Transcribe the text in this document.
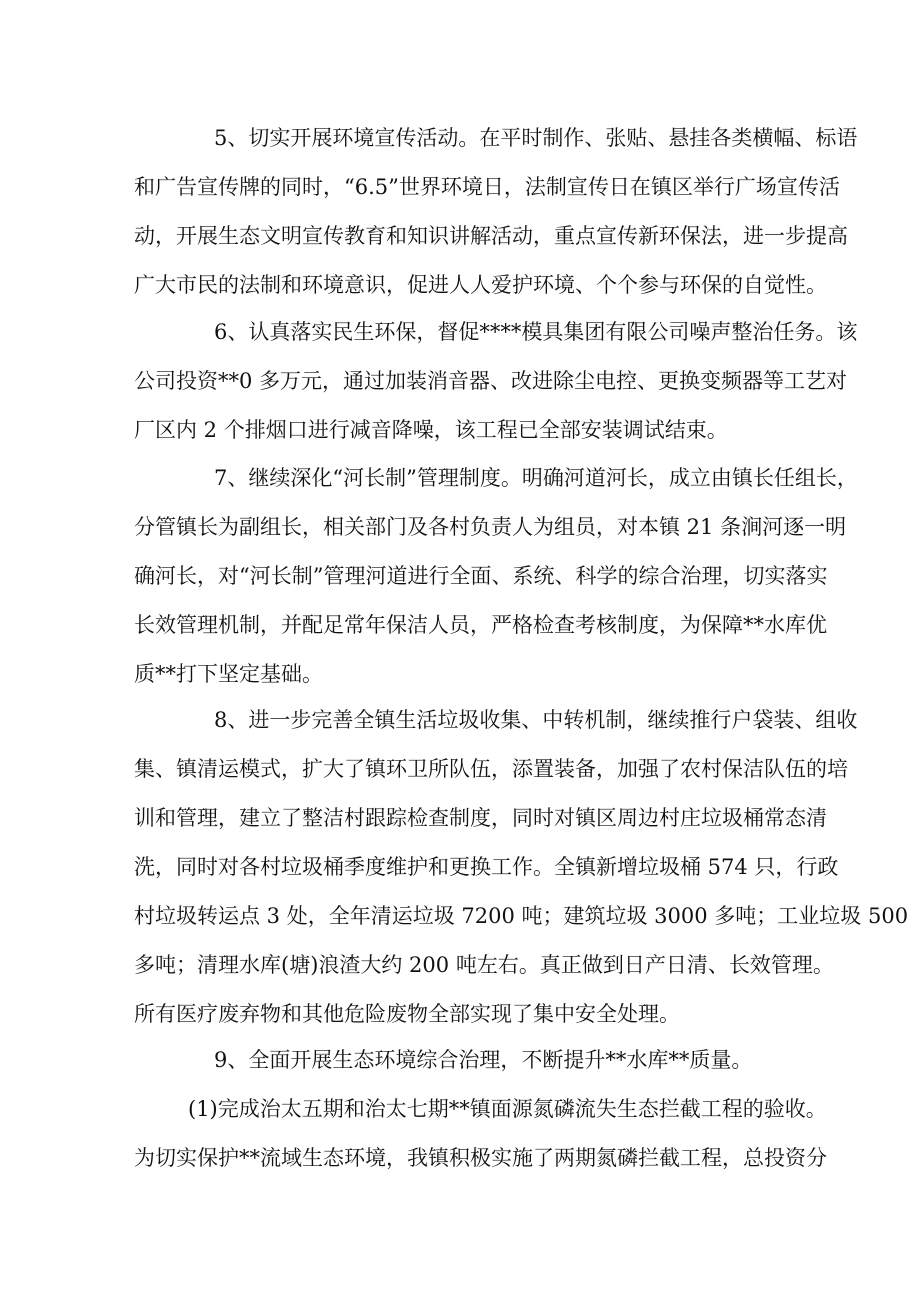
5、切实开展环境宣传活动。在平时制作、张贴、悬挂各类横幅、标语
和广告宣传牌的同时，“6.5”世界环境日，法制宣传日在镇区举行广场宣传活
动，开展生态文明宣传教育和知识讲解活动，重点宣传新环保法，进一步提高
广大市民的法制和环境意识，促进人人爱护环境、个个参与环保的自觉性。
6、认真落实民生环保，督促****模具集团有限公司噪声整治任务。该
公司投资**0 多万元，通过加装消音器、改进除尘电控、更换变频器等工艺对
厂区内 2 个排烟口进行减音降噪，该工程已全部安装调试结束。
7、继续深化“河长制”管理制度。明确河道河长，成立由镇长任组长，
分管镇长为副组长，相关部门及各村负责人为组员，对本镇 21 条涧河逐一明
确河长，对“河长制”管理河道进行全面、系统、科学的综合治理，切实落实
长效管理机制，并配足常年保洁人员，严格检查考核制度，为保障**水库优
质**打下坚定基础。
8、进一步完善全镇生活垃圾收集、中转机制，继续推行户袋装、组收
集、镇清运模式，扩大了镇环卫所队伍，添置装备，加强了农村保洁队伍的培
训和管理，建立了整洁村跟踪检查制度，同时对镇区周边村庄垃圾桶常态清
洗，同时对各村垃圾桶季度维护和更换工作。全镇新增垃圾桶 574 只，行政
村垃圾转运点 3 处，全年清运垃圾 7200 吨；建筑垃圾 3000 多吨；工业垃圾 500
多吨；清理水库(塘)浪渣大约 200 吨左右。真正做到日产日清、长效管理。
所有医疗废弃物和其他危险废物全部实现了集中安全处理。
9、全面开展生态环境综合治理，不断提升**水库**质量。
(1)完成治太五期和治太七期**镇面源氮磷流失生态拦截工程的验收。
为切实保护**流域生态环境，我镇积极实施了两期氮磷拦截工程，总投资分
